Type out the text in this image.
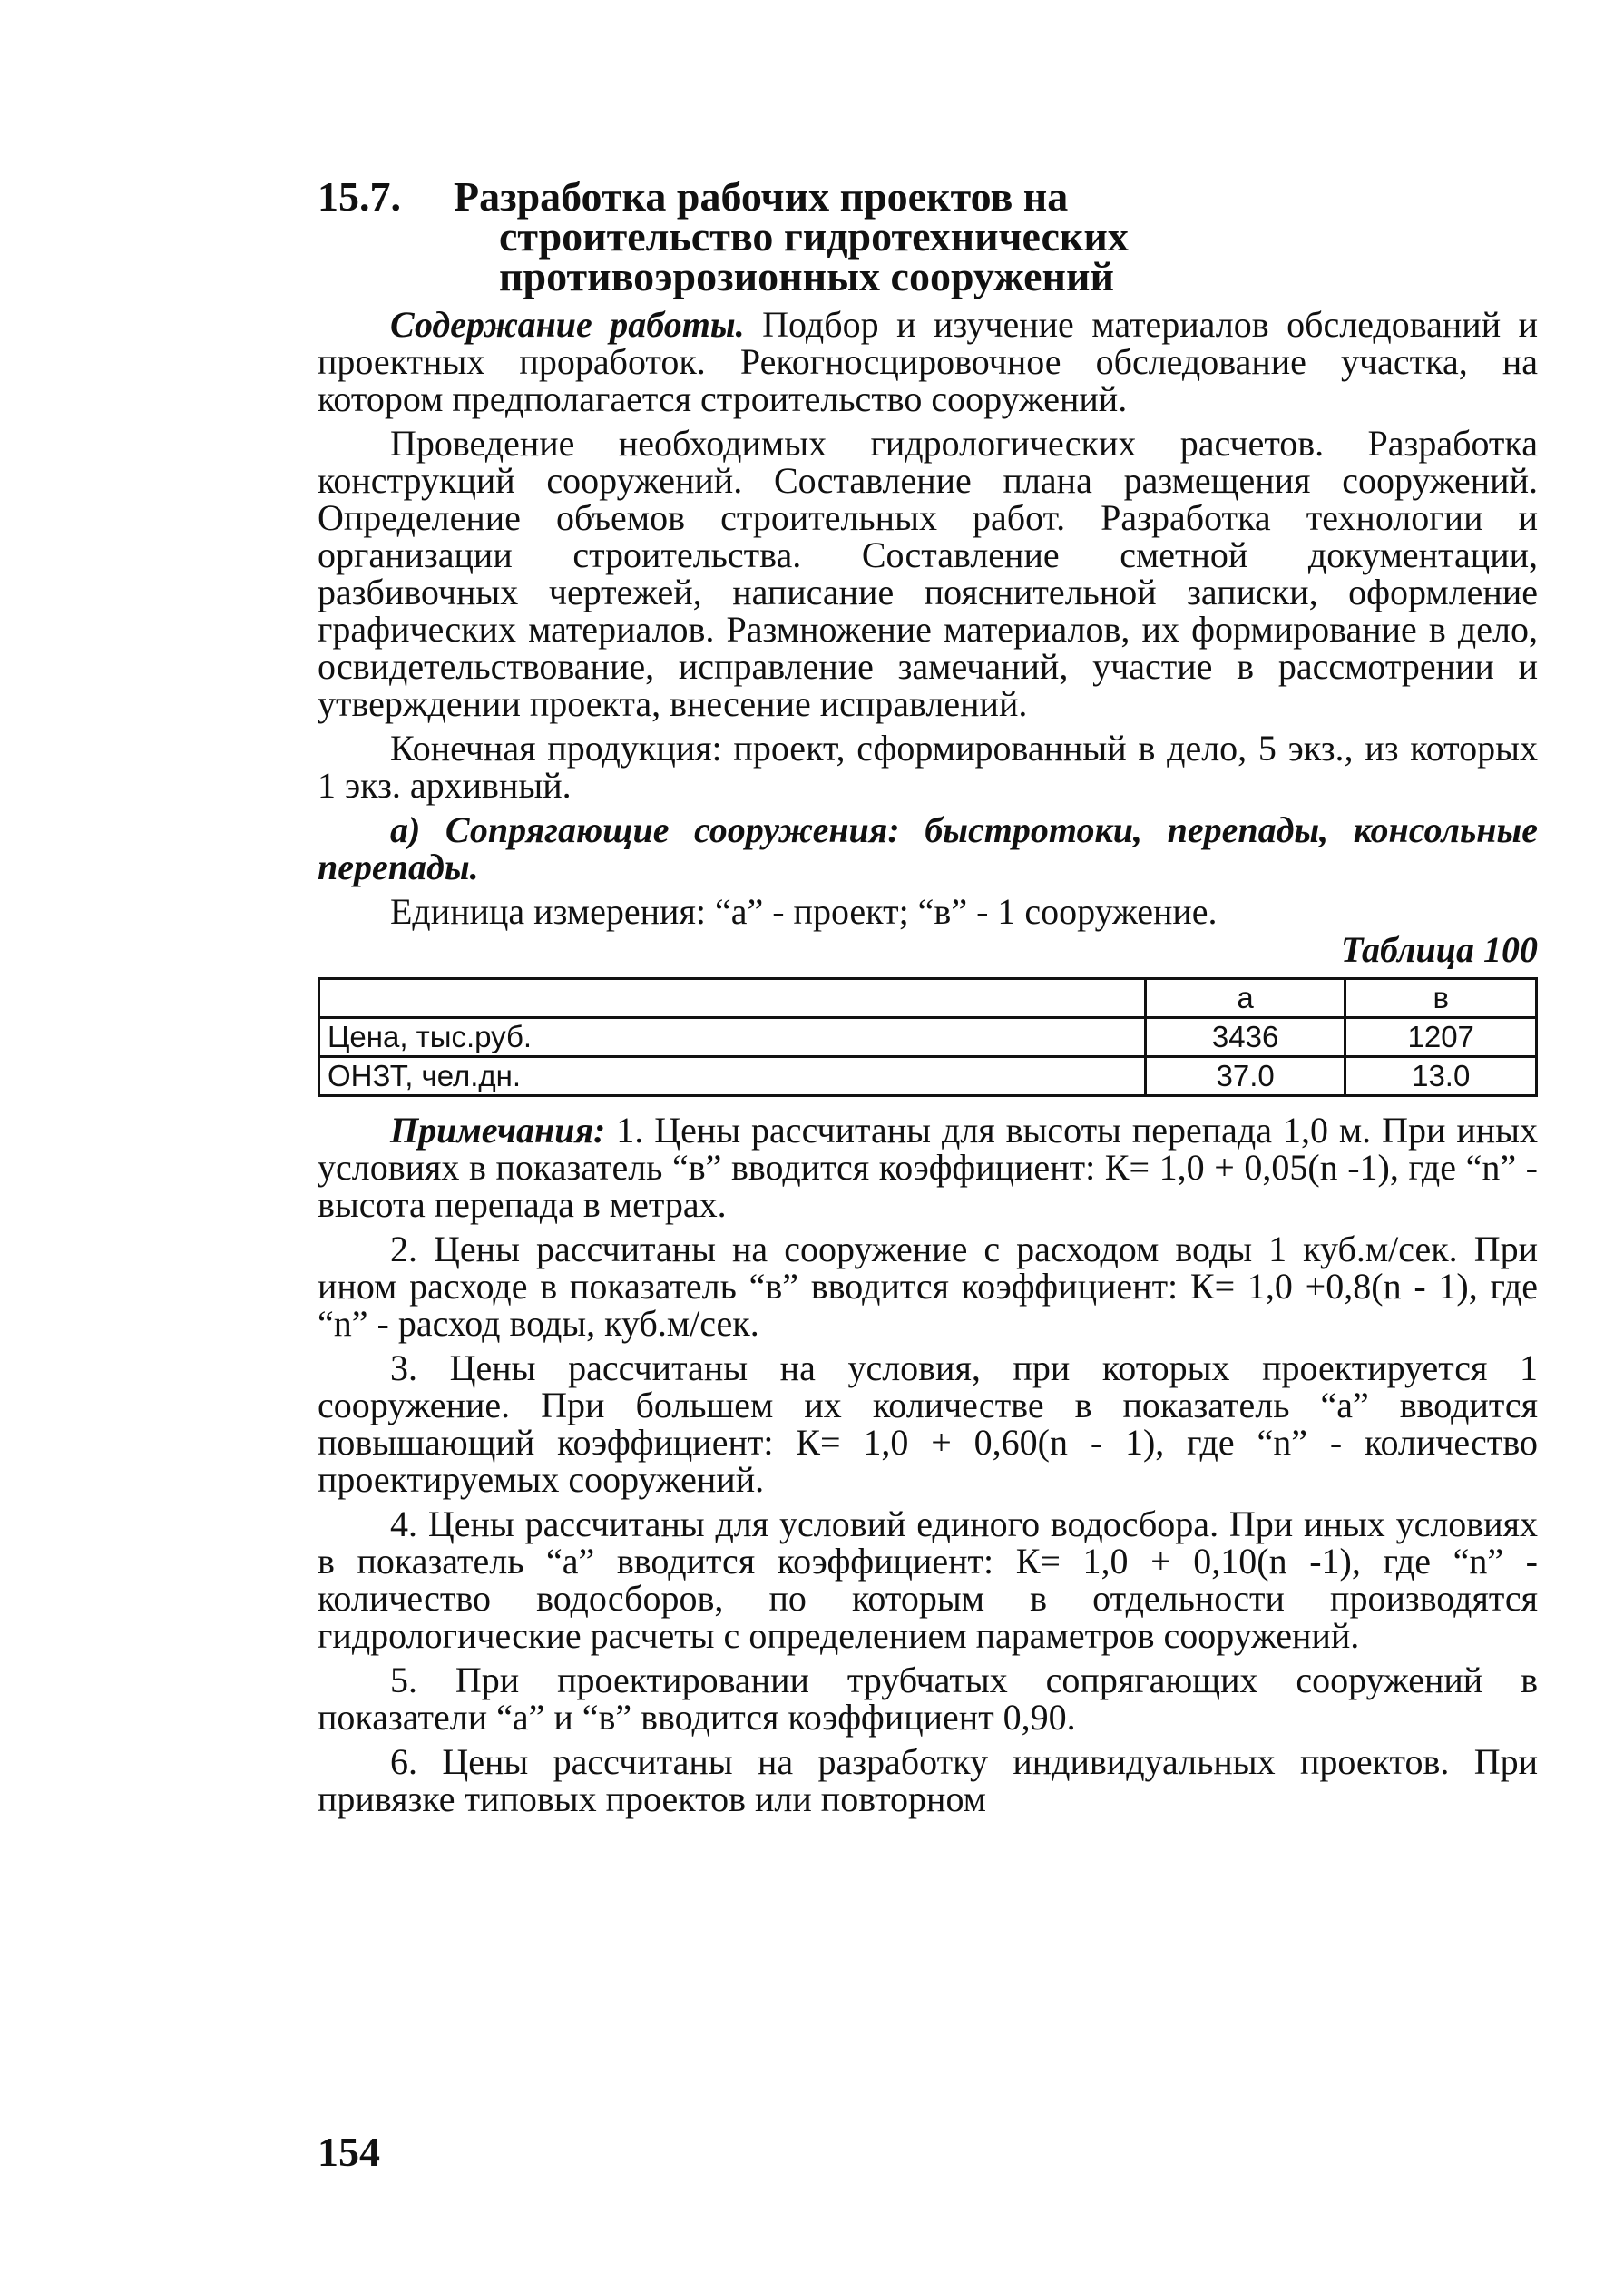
15.7. Разработка рабочих проектов на
строительство гидротехнических
противоэрозионных сооружений

Содержание работы. Подбор и изучение материалов обследований и проектных проработок. Рекогносцировочное обследование участка, на котором предполагается строительство сооружений.

Проведение необходимых гидрологических расчетов. Разработка конструкций сооружений. Составление плана размещения сооружений. Определение объемов строительных работ. Разработка технологии и организации строительства. Составление сметной документации, разбивочных чертежей, написание пояснительной записки, оформление графических материалов. Размножение материалов, их формирование в дело, освидетельствование, исправление замечаний, участие в рассмотрении и утверждении проекта, внесение исправлений.

Конечная продукция: проект, сформированный в дело, 5 экз., из которых 1 экз. архивный.

а) Сопрягающие сооружения: быстротоки, перепады, консольные перепады.

Единица измерения: “а” - проект; “в” - 1 сооружение.

Таблица 100
	а	в
Цена, тыс.руб.	3436	1207
ОНЗТ, чел.дн.	37.0	13.0

Примечания: 1. Цены рассчитаны для высоты перепада 1,0 м. При иных условиях в показатель “в” вводится коэффициент: К= 1,0 + 0,05(n -1), где “n” - высота перепада в метрах.

2. Цены рассчитаны на сооружение с расходом воды 1 куб.м/сек. При ином расходе в показатель “в” вводится коэффициент: К= 1,0 +0,8(n - 1), где “n” - расход воды, куб.м/сек.

3. Цены рассчитаны на условия, при которых проектируется 1 сооружение. При большем их количестве в показатель “а” вводится повышающий коэффициент: К= 1,0 + 0,60(n - 1), где “n” - количество проектируемых сооружений.

4. Цены рассчитаны для условий единого водосбора. При иных условиях в показатель “а” вводится коэффициент: К= 1,0 + 0,10(n -1), где “n” - количество водосборов, по которым в отдельности производятся гидрологические расчеты с определением параметров сооружений.

5. При проектировании трубчатых сопрягающих сооружений в показатели “а” и “в” вводится коэффициент 0,90.

6. Цены рассчитаны на разработку индивидуальных проектов. При привязке типовых проектов или повторном

154
